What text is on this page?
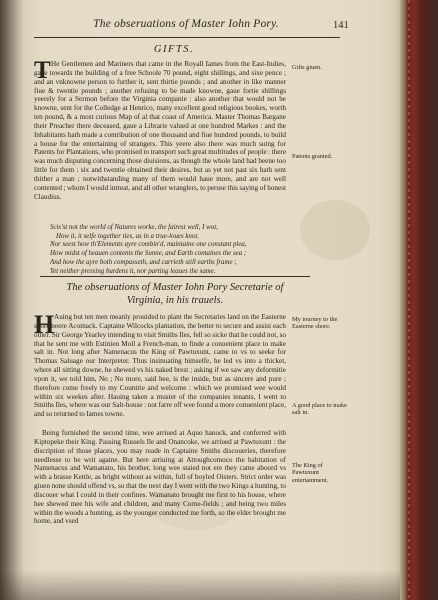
The obseruations of Master Iohn Pory.	141
GIFTS.
T He Gentlemen and Mariners that came in the Royall Iames from the East-Indies, gaue towards the building of a free Schoole 70 pound, eight shillings, and sixe pence ; and an vnknowne person to further it, sent thirtie pounds ; and another in like manner fiue & twentie pounds ; another refusing to be made knowne, gaue fortie shillings yeerely for a Sermon before the Virginia companie : also another that would not be knowne, sent for the Colledge at Henrico, many excellent good religious bookes, worth ten pound, & a most curious Map of al that coast of America. Master Thomas Bargane their Preacher there deceased, gaue a Librarie valued at one hundred Markes : and the Inhabitants hath made a contribution of one thousand and fiue hundred pounds, to build a house for the entertaining of strangers. This yeere also there was much suing for Patents for Plantations, who promised to transport such great multitudes of people : there was much disputing concerning those diuisions, as though the whole land had beene too little for them : six and twentie obtained their desires, but as yet not past six hath sent thither a man ; notwithstanding many of them would haue more, and are not well contented ; whom I would intreat, and all other wranglers, to peruse this saying of honest Claudius.
Scis'st not the world of Natures worke, the fairest well, I wot,
How it, it selfe together ties, as in a true-loues knot.
Nor seest how th'Elements ayre combin'd, maintaine one constant plea,
How midst of heauen contents the Sunne, and Earth containes the sea ;
And how the ayre both compasseth, and carrieth still earths frame ;
Yet neither pressing burdens it, nor parting leaues the same.
The obseruations of Master Iohn Pory Secretarie of
Virginia, in his trauels.
H Auing but ten men meanly prouided to plant the Secretaries land on the Easterne shore neere Acomack. Captaine Wilcocks plantation, the better to secure and assist each other. Sir George Yearley intending to visit Smiths Iles, fell so sicke that he could not, so that he sent me with Estinien Moll a French-man, to finde a conuenient place to make salt in. Not long after Namenacus the King of Pawtuxunt, came to vs to seeke for Thomas Saluage our Interpreter. Thus insinuating himselfe, he led vs into a thicket, where all sitting downe, he shewed vs his naked brest ; asking if we saw any deformitie vpon it, we told him, No ; No more, said hee, is the inside, but as sincere and pure ; therefore come freely to my Countrie and welcome : which we promised wee would within six weekes after. Hauing taken a muster of the companies tenants, I went to Smiths Iles, where was our Salt-house : not farre off wee found a more conuenient place, and so returned to Iames towne.
Being furnished the second time, wee arriued at Aquo hanock, and conferred with Kiptopeke their King. Passing Russels Ile and Onancoke, we arriued at Pawtuxunt : the discription of those places, you may reade in Captaine Smiths discoueries, therefore needlesse to be writ againe. But here arriuing at Attoughcomoco the habitation of Namenacus and Wamanato, his brother, long wee staied not ere they came aboord vs with a brasse Kettle, as bright without as within, full of boyled Oisters. Strict order was giuen none should offend vs, so that the next day I went with the two Kings a hunting, to discouer what I could in their confines. Wamanato brought me first to his house, where hee shewed mee his wife and children, and many Corne-fields ; and being two miles within the woods a hunting, as the younger conducted me forth, so the elder brought me home, and vsed
Gifts giuen.
Patents granted.
My iourney to the Easterne shore.
A good place to make salt in.
The King of Pawtuxunt entertainment.
